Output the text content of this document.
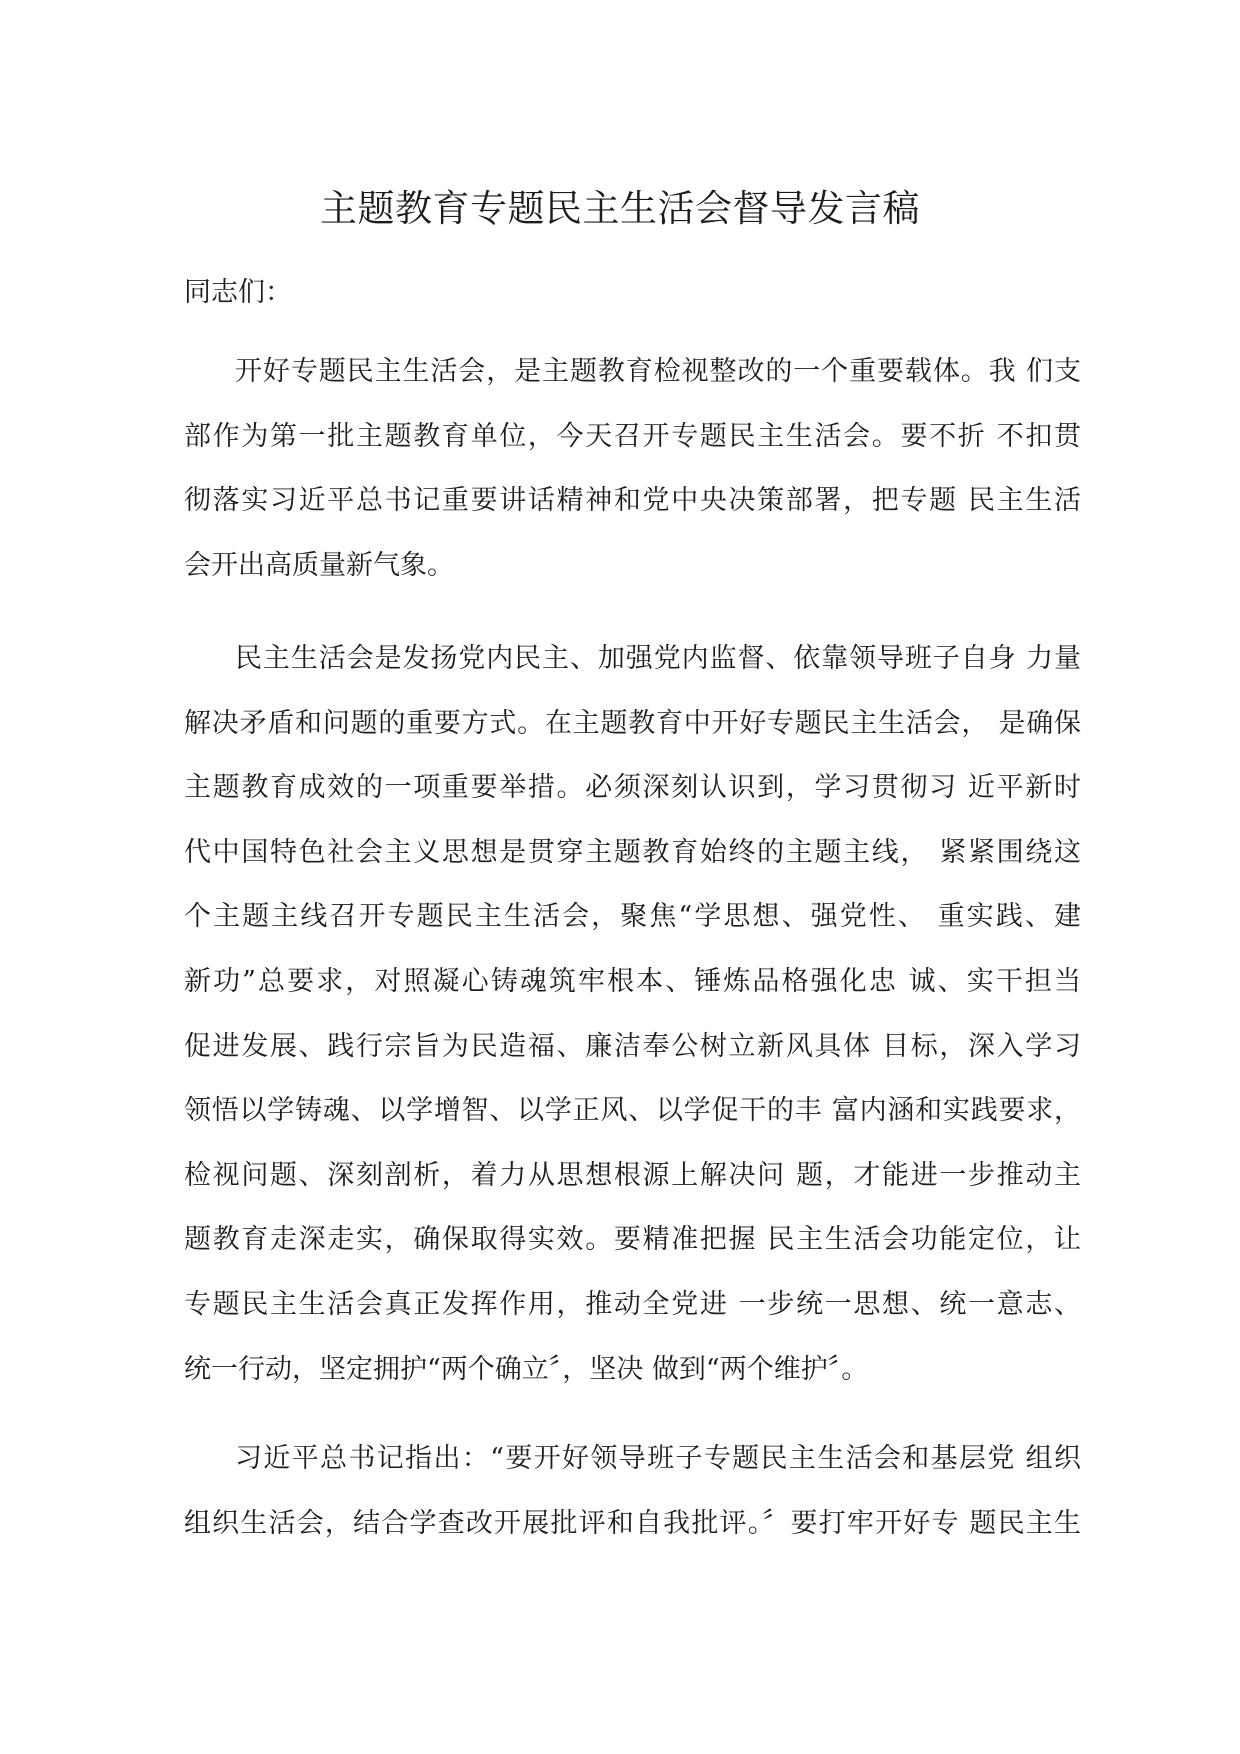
主题教育专题民主生活会督导发言稿
同志们：
开好专题民主生活会，是主题教育检视整改的一个重要载体。我 们支
部作为第一批主题教育单位，今天召开专题民主生活会。要不折 不扣贯
彻落实习近平总书记重要讲话精神和党中央决策部署，把专题 民主生活
会开出高质量新气象。
民主生活会是发扬党内民主、加强党内监督、依靠领导班子自身 力量
解决矛盾和问题的重要方式。在主题教育中开好专题民主生活会， 是确保
主题教育成效的一项重要举措。必须深刻认识到，学习贯彻习 近平新时
代中国特色社会主义思想是贯穿主题教育始终的主题主线， 紧紧围绕这
个主题主线召开专题民主生活会，聚焦“学思想、强党性、 重实践、建
新功”总要求，对照凝心铸魂筑牢根本、锤炼品格强化忠 诚、实干担当
促进发展、践行宗旨为民造福、廉洁奉公树立新风具体 目标，深入学习
领悟以学铸魂、以学增智、以学正风、以学促干的丰 富内涵和实践要求，
检视问题、深刻剖析，着力从思想根源上解决问 题，才能进一步推动主
题教育走深走实，确保取得实效。要精准把握 民主生活会功能定位，让
专题民主生活会真正发挥作用，推动全党进 一步统一思想、统一意志、
统一行动，坚定拥护“两个确立〞，坚决 做到“两个维护〞。
习近平总书记指出：“要开好领导班子专题民主生活会和基层党 组织
组织生活会，结合学查改开展批评和自我批评。〞要打牢开好专 题民主生
